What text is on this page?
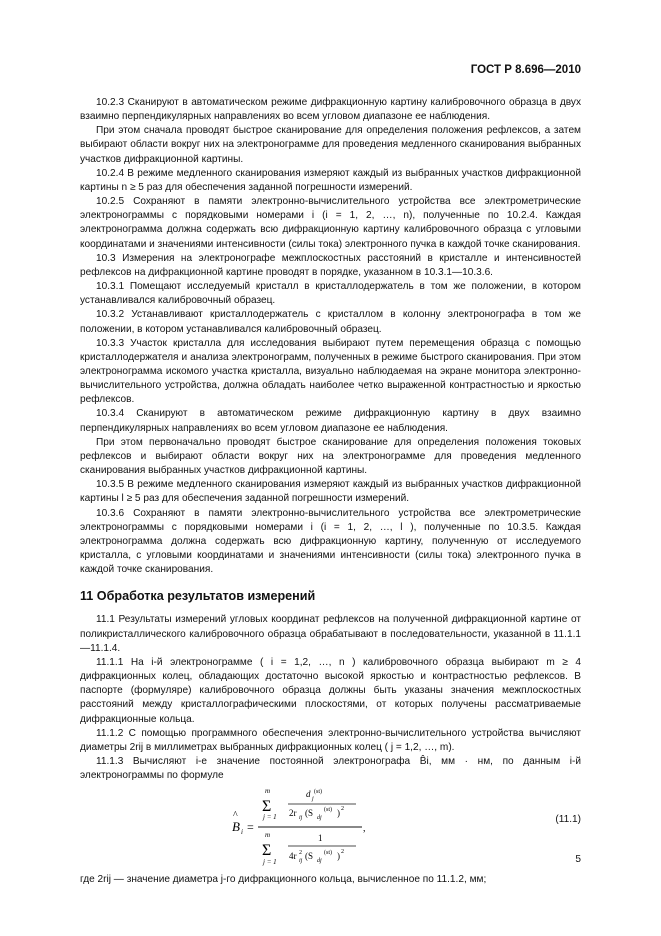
ГОСТ Р 8.696—2010

10.2.3 Сканируют в автоматическом режиме дифракционную картину калибровочного образца в двух взаимно перпендикулярных направлениях во всем угловом диапазоне ее наблюдения.

При этом сначала проводят быстрое сканирование для определения положения рефлексов, а затем выбирают области вокруг них на электронограмме для проведения медленного сканирования выбранных участков дифракционной картины.

10.2.4 В режиме медленного сканирования измеряют каждый из выбранных участков дифракционной картины n ≥ 5 раз для обеспечения заданной погрешности измерений.

10.2.5 Сохраняют в памяти электронно-вычислительного устройства все электрометрические электронограммы с порядковыми номерами i (i = 1, 2, …, n), полученные по 10.2.4. Каждая электронограмма должна содержать всю дифракционную картину калибровочного образца с угловыми координатами и значениями интенсивности (силы тока) электронного пучка в каждой точке сканирования.

10.3 Измерения на электронографе межплоскостных расстояний в кристалле и интенсивностей рефлексов на дифракционной картине проводят в порядке, указанном в 10.3.1—10.3.6.

10.3.1 Помещают исследуемый кристалл в кристаллодержатель в том же положении, в котором устанавливался калибровочный образец.

10.3.2 Устанавливают кристаллодержатель с кристаллом в колонну электронографа в том же положении, в котором устанавливался калибровочный образец.

10.3.3 Участок кристалла для исследования выбирают путем перемещения образца с помощью кристаллодержателя и анализа электронограмм, полученных в режиме быстрого сканирования. При этом электронограмма искомого участка кристалла, визуально наблюдаемая на экране монитора электронно-вычислительного устройства, должна обладать наиболее четко выраженной контрастностью и яркостью рефлексов.

10.3.4 Сканируют в автоматическом режиме дифракционную картину в двух взаимно перпендикулярных направлениях во всем угловом диапазоне ее наблюдения.

При этом первоначально проводят быстрое сканирование для определения положения токовых рефлексов и выбирают области вокруг них на электронограмме для проведения медленного сканирования выбранных участков дифракционной картины.

10.3.5 В режиме медленного сканирования измеряют каждый из выбранных участков дифракционной картины l ≥ 5 раз для обеспечения заданной погрешности измерений.

10.3.6 Сохраняют в памяти электронно-вычислительного устройства все электрометрические электронограммы с порядковыми номерами i (i = 1, 2, …, l ), полученные по 10.3.5. Каждая электронограмма должна содержать всю дифракционную картину, полученную от исследуемого кристалла, с угловыми координатами и значениями интенсивности (силы тока) электронного пучка в каждой точке сканирования.

11 Обработка результатов измерений

11.1 Результаты измерений угловых координат рефлексов на полученной дифракционной картине от поликристаллического калибровочного образца обрабатывают в последовательности, указанной в 11.1.1—11.1.4.

11.1.1 На i-й электронограмме ( i = 1,2, …, n ) калибровочного образца выбирают m ≥ 4 дифракционных колец, обладающих достаточно высокой яркостью и контрастностью рефлексов. В паспорте (формуляре) калибровочного образца должны быть указаны значения межплоскостных расстояний между кристаллографическими плоскостями, от которых получены рассматриваемые дифракционные кольца.

11.1.2 С помощью программного обеспечения электронно-вычислительного устройства вычисляют диаметры 2rij в миллиметрах выбранных дифракционных колец ( j = 1,2, …, m).

11.1.3 Вычисляют i-е значение постоянной электронографа B̂i, мм · нм, по данным i-й электронограммы по формуле

B
^
i =
m
Σ
j = 1
d j
(st)
2r ij (S dj
(st) ) 2
m
Σ
j = 1
1
4r 2
ij (S dj
(st) ) 2
,
(11.1)

где 2rij — значение диаметра j-го дифракционного кольца, вычисленное по 11.1.2, мм;

5
